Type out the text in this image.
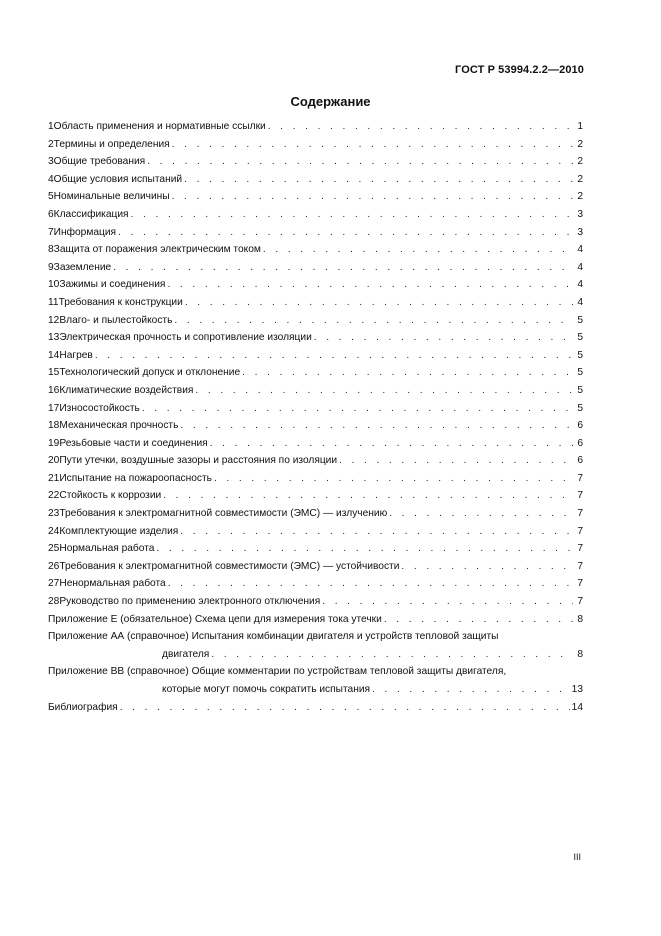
ГОСТ Р 53994.2.2—2010
Содержание
1 Область применения и нормативные ссылки . . .	1
2 Термины и определения . . .	2
3 Общие требования . . .	2
4 Общие условия испытаний . . .	2
5 Номинальные величины . . .	2
6 Классификация . . .	3
7 Информация . . .	3
8 Защита от поражения электрическим током . . .	4
9 Заземление . . .	4
10 Зажимы и соединения . . .	4
11 Требования к конструкции . . .	4
12 Влаго- и пылестойкость . . .	5
13 Электрическая прочность и сопротивление изоляции . . .	5
14 Нагрев . . .	5
15 Технологический допуск и отклонение . . .	5
16 Климатические воздействия . . .	5
17 Износостойкость . . .	5
18 Механическая прочность . . .	6
19 Резьбовые части и соединения . . .	6
20 Пути утечки, воздушные зазоры и расстояния по изоляции . . .	6
21 Испытание на пожароопасность . . .	7
22 Стойкость к коррозии . . .	7
23 Требования к электромагнитной совместимости (ЭМС) — излучению . . .	7
24 Комплектующие изделия . . .	7
25 Нормальная работа . . .	7
26 Требования к электромагнитной совместимости (ЭМС) — устойчивости . . .	7
27 Ненормальная работа . . .	7
28 Руководство по применению электронного отключения . . .	7
Приложение Е (обязательное) Схема цепи для измерения тока утечки . . .	8
Приложение АА (справочное) Испытания комбинации двигателя и устройств тепловой защиты
двигателя . . .	8
Приложение ВВ (справочное) Общие комментарии по устройствам тепловой защиты двигателя,
которые могут помочь сократить испытания . . .	13
Библиография . . .	14
III
